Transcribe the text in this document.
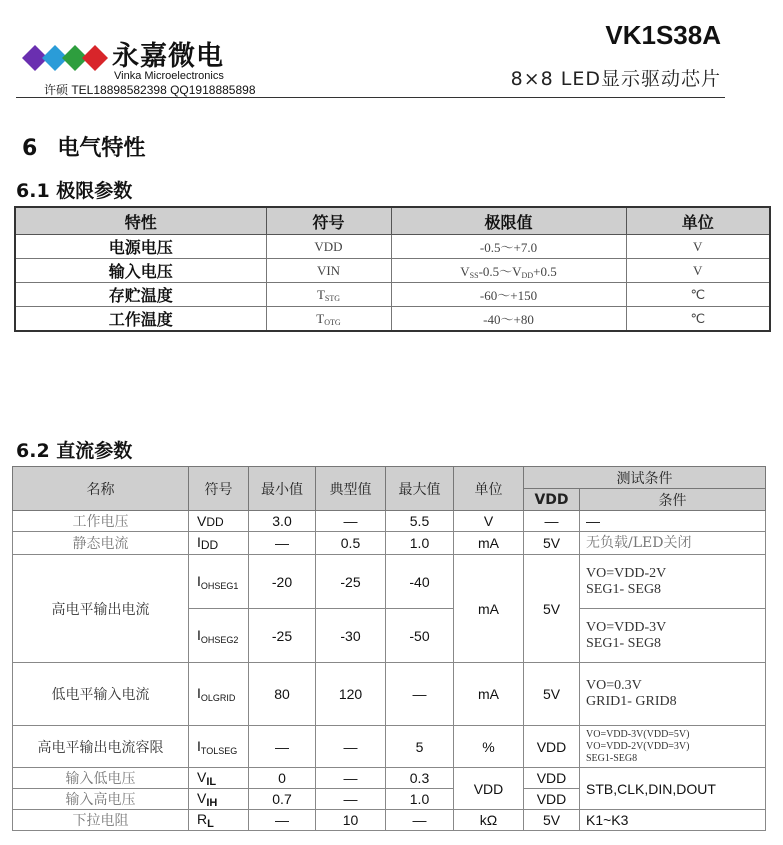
永嘉微电
Vinka Microelectronics
许硕 TEL18898582398 QQ1918885898
VK1S38A
8×8 LED显示驱动芯片
6 电气特性
6.1 极限参数
特性	符号	极限值	单位
电源电压	VDD	-0.5～+7.0	V
输入电压	VIN	$V_{SS}-0.5\sim V_{DD}+0.5$	V
存贮温度	$T_{STG}$	-60～+150	℃
工作温度	$T_{OTG}$	-40～+80	℃
6.2 直流参数
名称	符号	最小值	典型值	最大值	单位	测试条件	
						VDD	条件
工作电压	VDD	3.0	—	5.5	V	—	—
静态电流	$I_{DD}$	—	0.5	1.0	mA	5V	无负载/LED关闭
高电平输出电流	$I_{OHSEG1}$	-20	-25	-40	mA	5V	VO=VDD-2V
SEG1- SEG8

	$I_{OHSEG2}$	-25	-30	-50			VO=VDD-3V
SEG1- SEG8

低电平输入电流	$I_{OLGRID}$	80	120	—	mA	5V	VO=0.3V
GRID1- GRID8

高电平输出电流容限	$I_{TOLSEG}$	—	—	5	%	VDD	VO=VDD-3V(VDD=5V)
VO=VDD-2V(VDD=3V)
SEG1-SEG8

输入低电压	$V_{IL}$	0	—	0.3	VDD	VDD	STB,CLK,DIN,DOUT
输入高电压	$V_{IH}$	0.7	—	1.0		VDD	
下拉电阻	$R_L$	—	10	—	kΩ	5V	K1~K3
